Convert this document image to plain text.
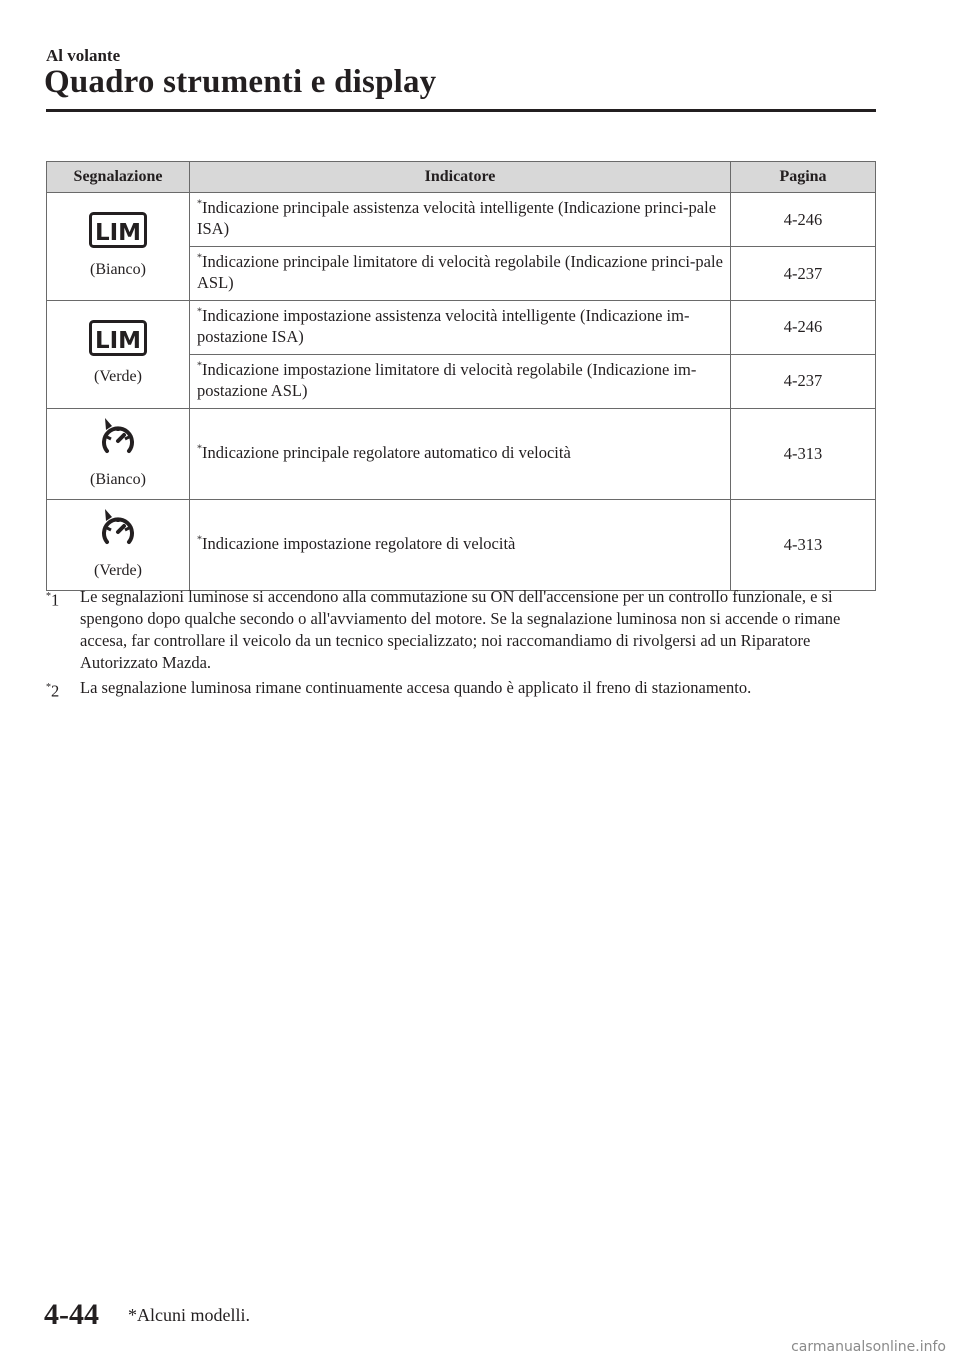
Al volante
Quadro strumenti e display
Segnalazione	Indicatore	Pagina

LIM
(Bianco)	*Indicazione principale assistenza velocità intelligente (Indicazione princi-pale ISA)	4-246
	*Indicazione principale limitatore di velocità regolabile (Indicazione princi-pale ASL)	4-237

LIM
(Verde)	*Indicazione impostazione assistenza velocità intelligente (Indicazione im-postazione ISA)	4-246
	*Indicazione impostazione limitatore di velocità regolabile (Indicazione im-postazione ASL)	4-237

(Bianco)	*Indicazione principale regolatore automatico di velocità	4-313

(Verde)	*Indicazione impostazione regolatore di velocità	4-313
*1 Le segnalazioni luminose si accendono alla commutazione su ON dell'accensione per un controllo funzionale, e si spengono dopo qualche secondo o all'avviamento del motore. Se la segnalazione luminosa non si accende o rimane accesa, far controllare il veicolo da un tecnico specializzato; noi raccomandiamo di rivolgersi ad un Riparatore Autorizzato Mazda.
*2 La segnalazione luminosa rimane continuamente accesa quando è applicato il freno di stazionamento.
4-44 *Alcuni modelli.
carmanualsonline.info
